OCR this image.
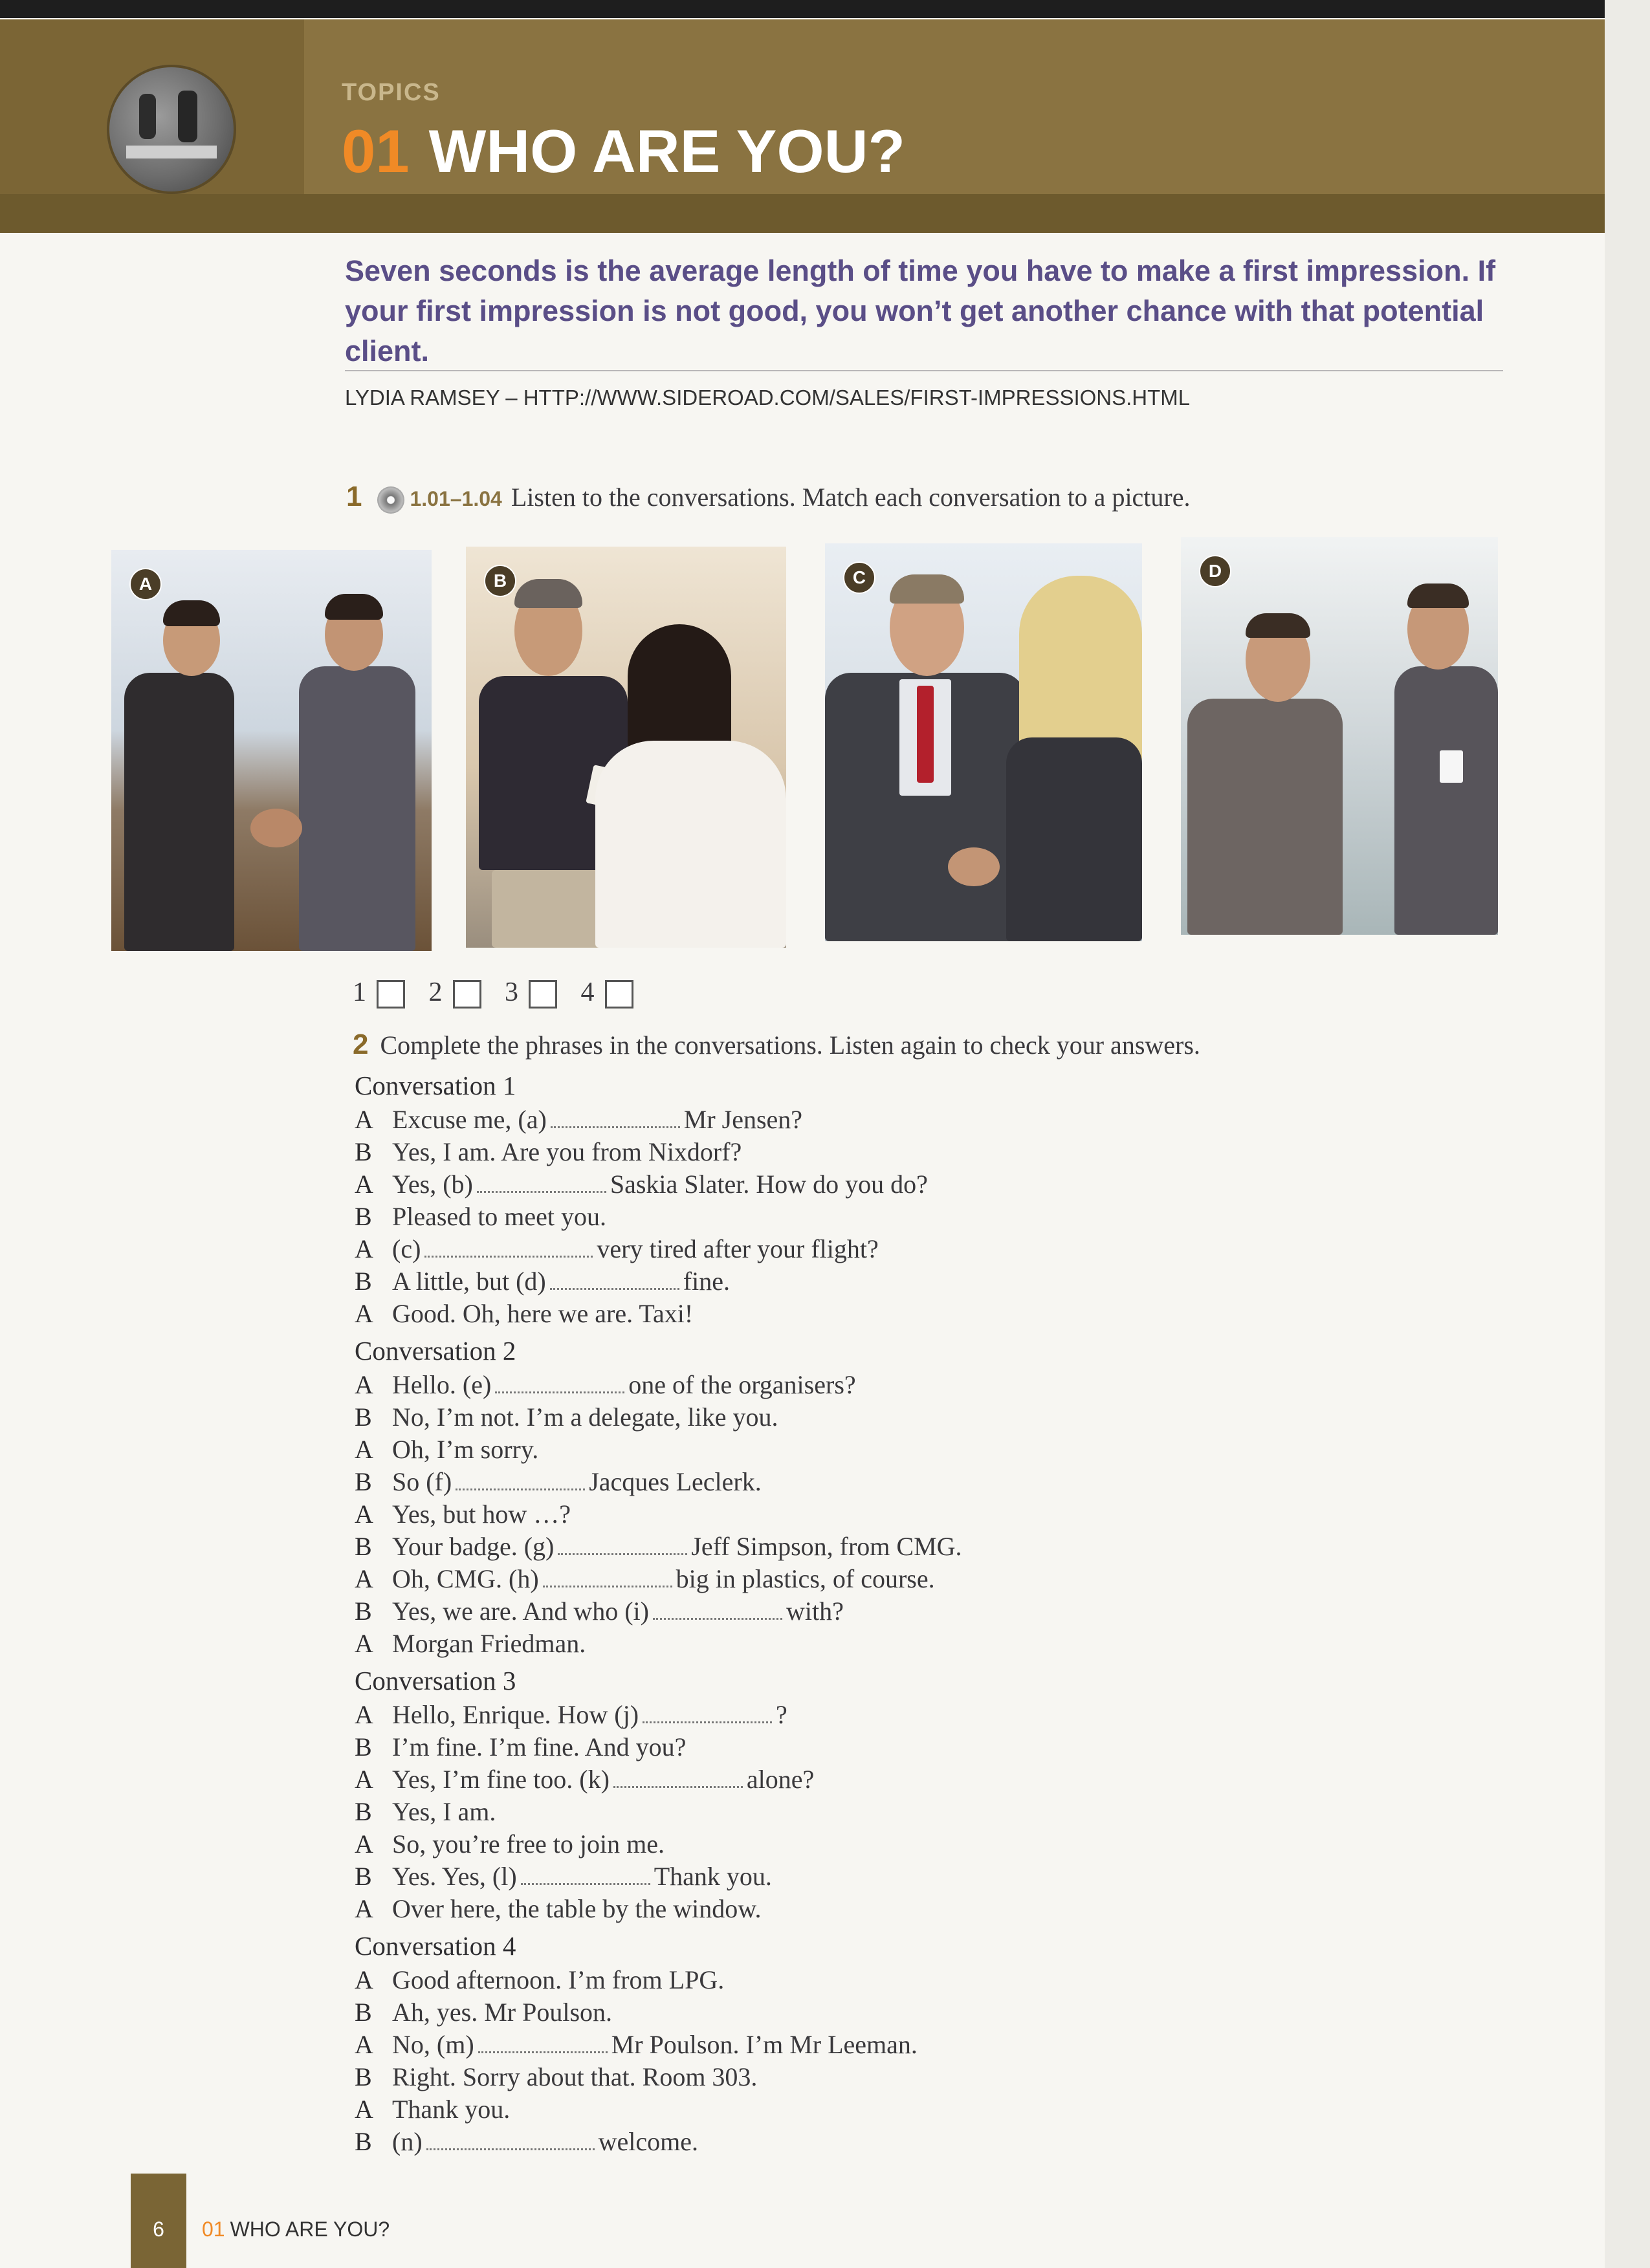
TOPICS
01 WHO ARE YOU?
Seven seconds is the average length of time you have to make a first impression. If your first impression is not good, you won’t get another chance with that potential client.
LYDIA RAMSEY – HTTP://WWW.SIDEROAD.COM/SALES/FIRST-IMPRESSIONS.HTML
1 1.01–1.04 Listen to the conversations. Match each conversation to a picture.
A	B	C	D
1 2 3 4
2 Complete the phrases in the conversations. Listen again to check your answers.
Conversation 1
A Excuse me, (a)	Mr Jensen?
B Yes, I am. Are you from Nixdorf?
A Yes, (b)	Saskia Slater. How do you do?
B Pleased to meet you.
A (c)	very tired after your flight?
B A little, but (d)	fine.
A Good. Oh, here we are. Taxi!
Conversation 2
A Hello. (e)	one of the organisers?
B No, I’m not. I’m a delegate, like you.
A Oh, I’m sorry.
B So (f)	Jacques Leclerk.
A Yes, but how …?
B Your badge. (g)	Jeff Simpson, from CMG.
A Oh, CMG. (h)	big in plastics, of course.
B Yes, we are. And who (i)	with?
A Morgan Friedman.
Conversation 3
A Hello, Enrique. How (j)	?
B I’m fine. I’m fine. And you?
A Yes, I’m fine too. (k)	alone?
B Yes, I am.
A So, you’re free to join me.
B Yes. Yes, (l)	Thank you.
A Over here, the table by the window.
Conversation 4
A Good afternoon. I’m from LPG.
B Ah, yes. Mr Poulson.
A No, (m)	Mr Poulson. I’m Mr Leeman.
B Right. Sorry about that. Room 303.
A Thank you.
B (n)	welcome.
6	01 WHO ARE YOU?
